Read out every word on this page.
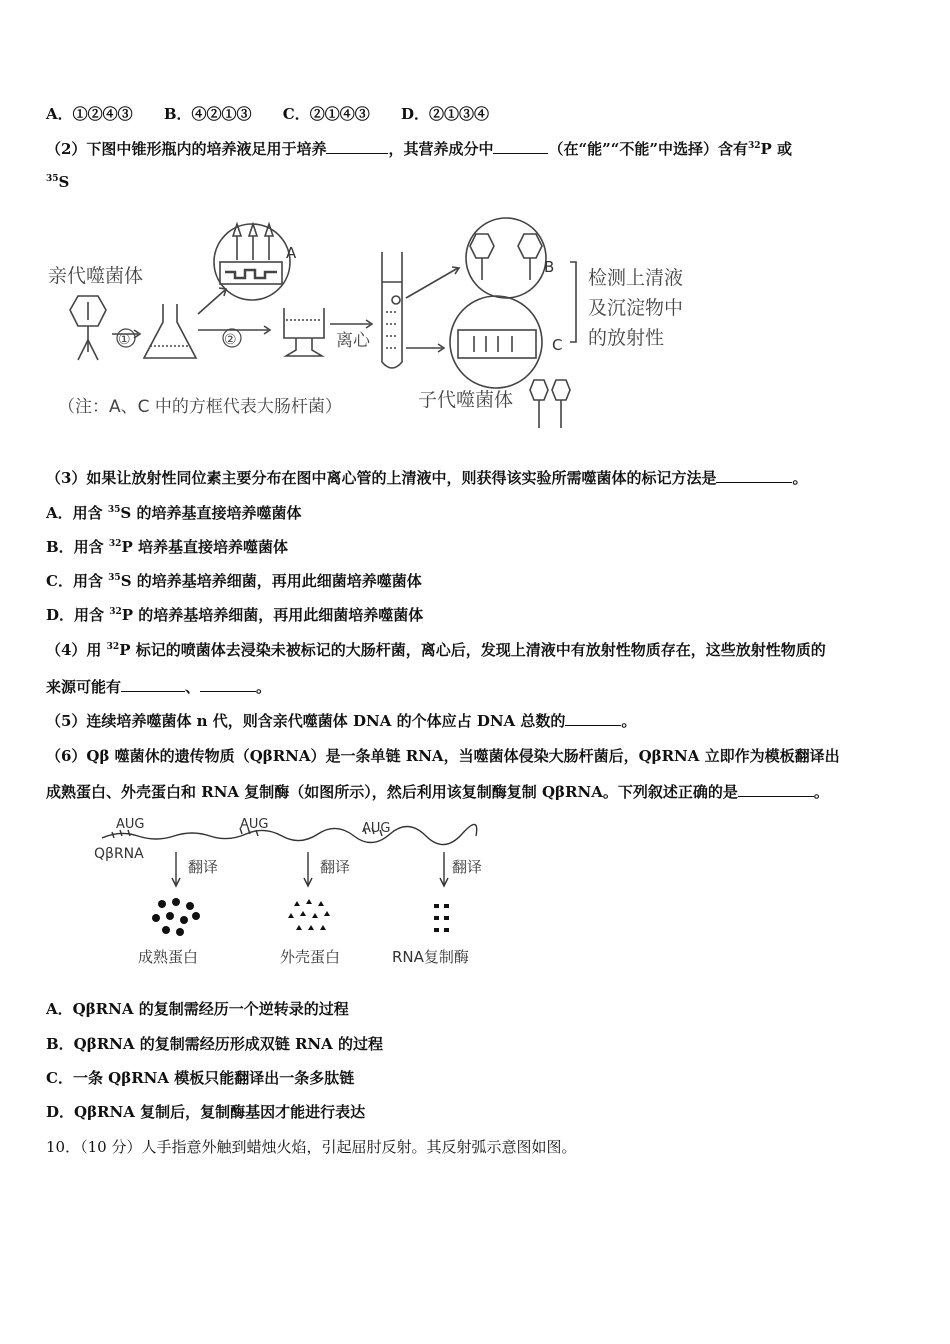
A．①②④③ B．④②①③ C．②①④③ D．②①③④
（2）下图中锥形瓶内的培养液足用于培养	，其营养成分中	（在“能”“不能”中选择）含有$^{32}$P 或
$^{35}$S
亲代噬菌体
①	②
A
离心
B
C
检测上清液
及沉淀物中
的放射性
（注：A、C 中的方框代表大肠杆菌）	子代噬菌体
（3）如果让放射性同位素主要分布在图中离心管的上清液中，则获得该实验所需噬菌体的标记方法是	。
A．用含 $^{35}$S 的培养基直接培养噬菌体
B．用含 $^{32}$P 培养基直接培养噬菌体
C．用含 $^{35}$S 的培养基培养细菌，再用此细菌培养噬菌体
D．用含 $^{32}$P 的培养基培养细菌，再用此细菌培养噬菌体
（4）用 $^{32}$P 标记的喷菌体去浸染未被标记的大肠杆菌，离心后，发现上清液中有放射性物质存在，这些放射性物质的
来源可能有	、	。
（5）连续培养噬菌体 n 代，则含亲代噬菌体 DNA 的个体应占 DNA 总数的	。
（6）Qβ 噬菌休的遗传物质（QβRNA）是一条单链 RNA，当噬菌体侵染大肠杆菌后，QβRNA 立即作为模板翻译出
成熟蛋白、外壳蛋白和 RNA 复制酶（如图所示），然后利用该复制酶复制 QβRNA。下列叙述正确的是	。
AUG	AUG	AUG
QβRNA
翻译	翻译	翻译
成熟蛋白	外壳蛋白	RNA复制酶
A．QβRNA 的复制需经历一个逆转录的过程
B．QβRNA 的复制需经历形成双链 RNA 的过程
C．一条 QβRNA 模板只能翻译出一条多肽链
D．QβRNA 复制后，复制酶基因才能进行表达
10．（10 分）人手指意外触到蜡烛火焰，引起屈肘反射。其反射弧示意图如图。
